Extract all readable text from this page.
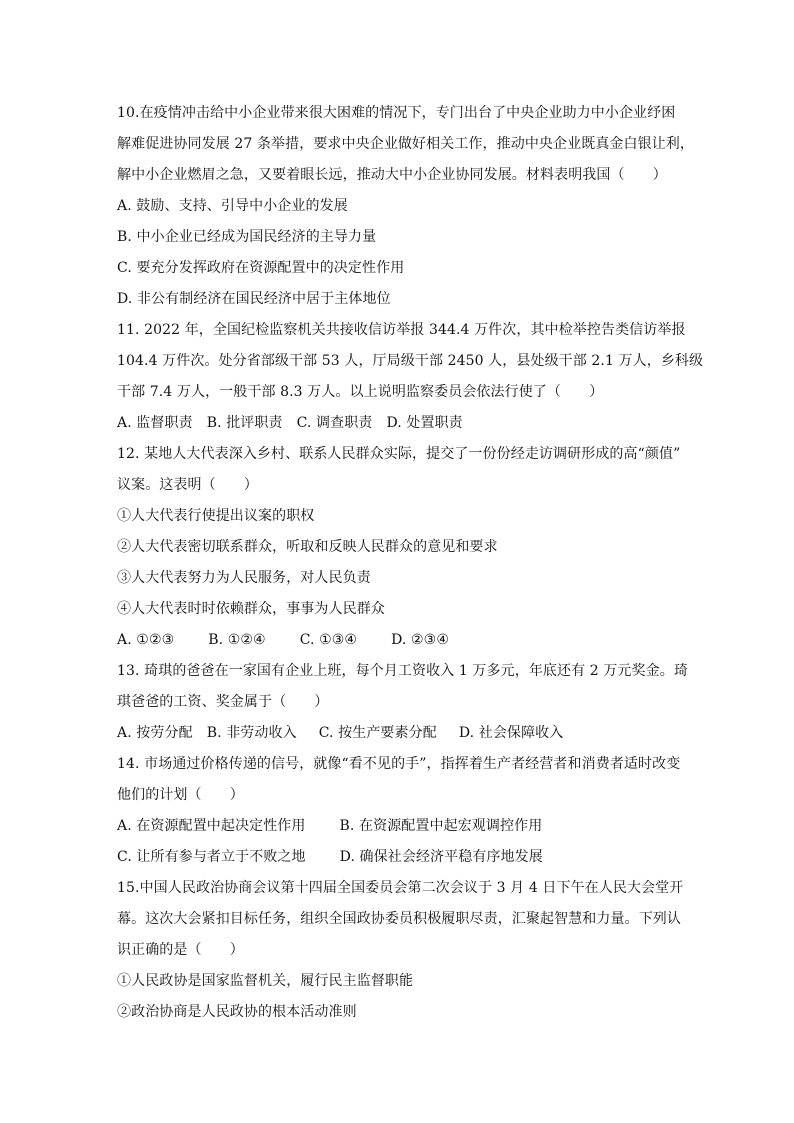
10.在疫情冲击给中小企业带来很大困难的情况下，专门出台了中央企业助力中小企业纾困
解难促进协同发展 27 条举措，要求中央企业做好相关工作，推动中央企业既真金白银让利，
解中小企业燃眉之急，又要着眼长远，推动大中小企业协同发展。材料表明我国（　　）
A. 鼓励、支持、引导中小企业的发展
B. 中小企业已经成为国民经济的主导力量
C. 要充分发挥政府在资源配置中的决定性作用
D. 非公有制经济在国民经济中居于主体地位
11. 2022 年，全国纪检监察机关共接收信访举报 344.4 万件次，其中检举控告类信访举报
104.4 万件次。处分省部级干部 53 人，厅局级干部 2450 人，县处级干部 2.1 万人，乡科级
干部 7.4 万人，一般干部 8.3 万人。以上说明监察委员会依法行使了（　　）
A. 监督职责 B. 批评职责 C. 调查职责 D. 处置职责
12. 某地人大代表深入乡村、联系人民群众实际，提交了一份份经走访调研形成的高“颜值”
议案。这表明（　　）
①人大代表行使提出议案的职权
②人大代表密切联系群众，听取和反映人民群众的意见和要求
③人大代表努力为人民服务，对人民负责
④人大代表时时依赖群众，事事为人民群众
A. ①②③ B. ①②④ C. ①③④ D. ②③④
13. 琦琪的爸爸在一家国有企业上班，每个月工资收入 1 万多元，年底还有 2 万元奖金。琦
琪爸爸的工资、奖金属于（　　）
A. 按劳分配 B. 非劳动收入 C. 按生产要素分配 D. 社会保障收入
14. 市场通过价格传递的信号，就像“看不见的手”，指挥着生产者经营者和消费者适时改变
他们的计划（　　）
A. 在资源配置中起决定性作用 B. 在资源配置中起宏观调控作用
C. 让所有参与者立于不败之地 D. 确保社会经济平稳有序地发展
15.中国人民政治协商会议第十四届全国委员会第二次会议于 3 月 4 日下午在人民大会堂开
幕。这次大会紧扣目标任务，组织全国政协委员积极履职尽责，汇聚起智慧和力量。下列认
识正确的是（　　）
①人民政协是国家监督机关，履行民主监督职能
②政治协商是人民政协的根本活动准则
